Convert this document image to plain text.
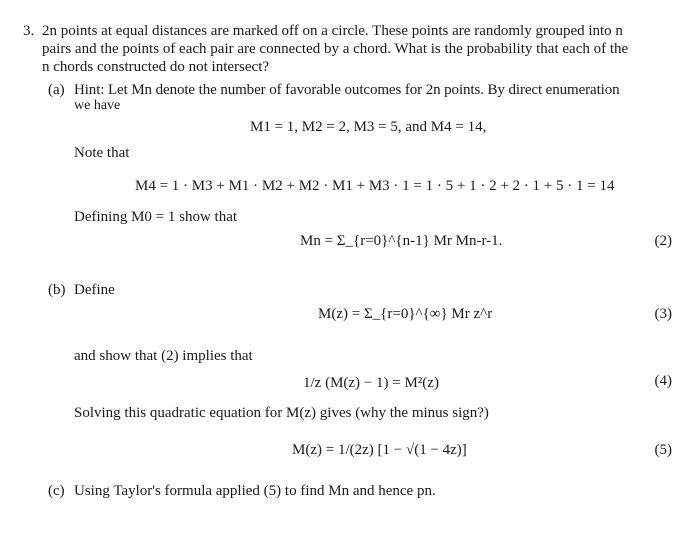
3. 2n points at equal distances are marked off on a circle. These points are randomly grouped into n
pairs and the points of each pair are connected by a chord. What is the probability that each of the
n chords constructed do not intersect?
(a) Hint: Let Mn denote the number of favorable outcomes for 2n points. By direct enumeration
we have
M1 = 1, M2 = 2, M3 = 5, and M4 = 14,
Note that
M4 = 1 · M3 + M1 · M2 + M2 · M1 + M3 · 1 = 1 · 5 + 1 · 2 + 2 · 1 + 5 · 1 = 14
Defining M0 = 1 show that
Mn = Σ_{r=0}^{n-1} Mr Mn-r-1.	(2)
(b) Define
M(z) = Σ_{r=0}^{∞} Mr z^r	(3)
and show that (2) implies that
1/z (M(z) − 1) = M²(z)	(4)
Solving this quadratic equation for M(z) gives (why the minus sign?)
M(z) = 1/(2z) [1 − √(1 − 4z)]	(5)
(c) Using Taylor's formula applied (5) to find Mn and hence pn.
